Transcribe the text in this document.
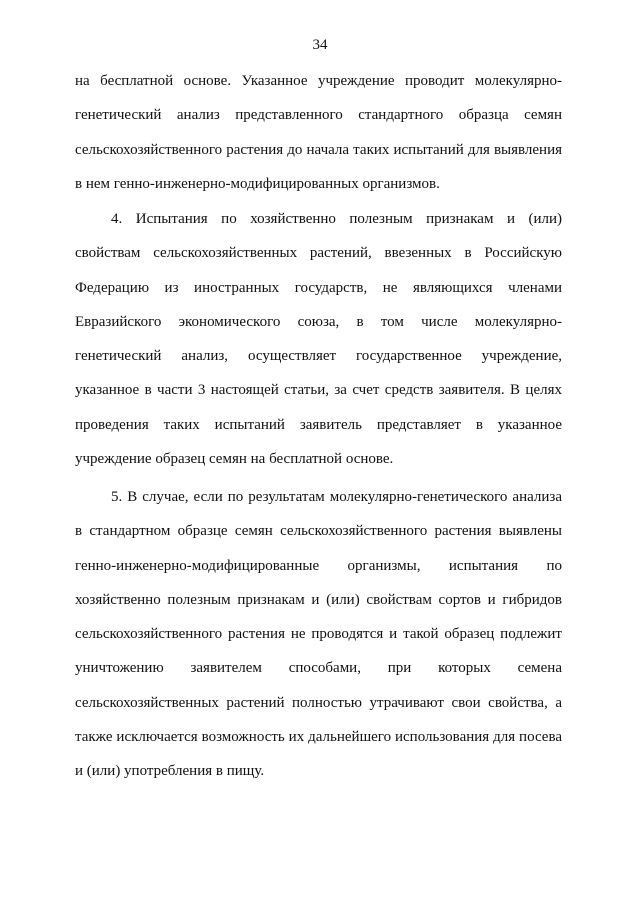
34

на бесплатной основе. Указанное учреждение проводит молекулярно-генетический анализ представленного стандартного образца семян сельскохозяйственного растения до начала таких испытаний для выявления в нем генно-инженерно-модифицированных организмов.

4. Испытания по хозяйственно полезным признакам и (или) свойствам сельскохозяйственных растений, ввезенных в Российскую Федерацию из иностранных государств, не являющихся членами Евразийского экономического союза, в том числе молекулярно-генетический анализ, осуществляет государственное учреждение, указанное в части 3 настоящей статьи, за счет средств заявителя. В целях проведения таких испытаний заявитель представляет в указанное учреждение образец семян на бесплатной основе.

5. В случае, если по результатам молекулярно-генетического анализа в стандартном образце семян сельскохозяйственного растения выявлены генно-инженерно-модифицированные организмы, испытания по хозяйственно полезным признакам и (или) свойствам сортов и гибридов сельскохозяйственного растения не проводятся и такой образец подлежит уничтожению заявителем способами, при которых семена сельскохозяйственных растений полностью утрачивают свои свойства, а также исключается возможность их дальнейшего использования для посева и (или) употребления в пищу.
